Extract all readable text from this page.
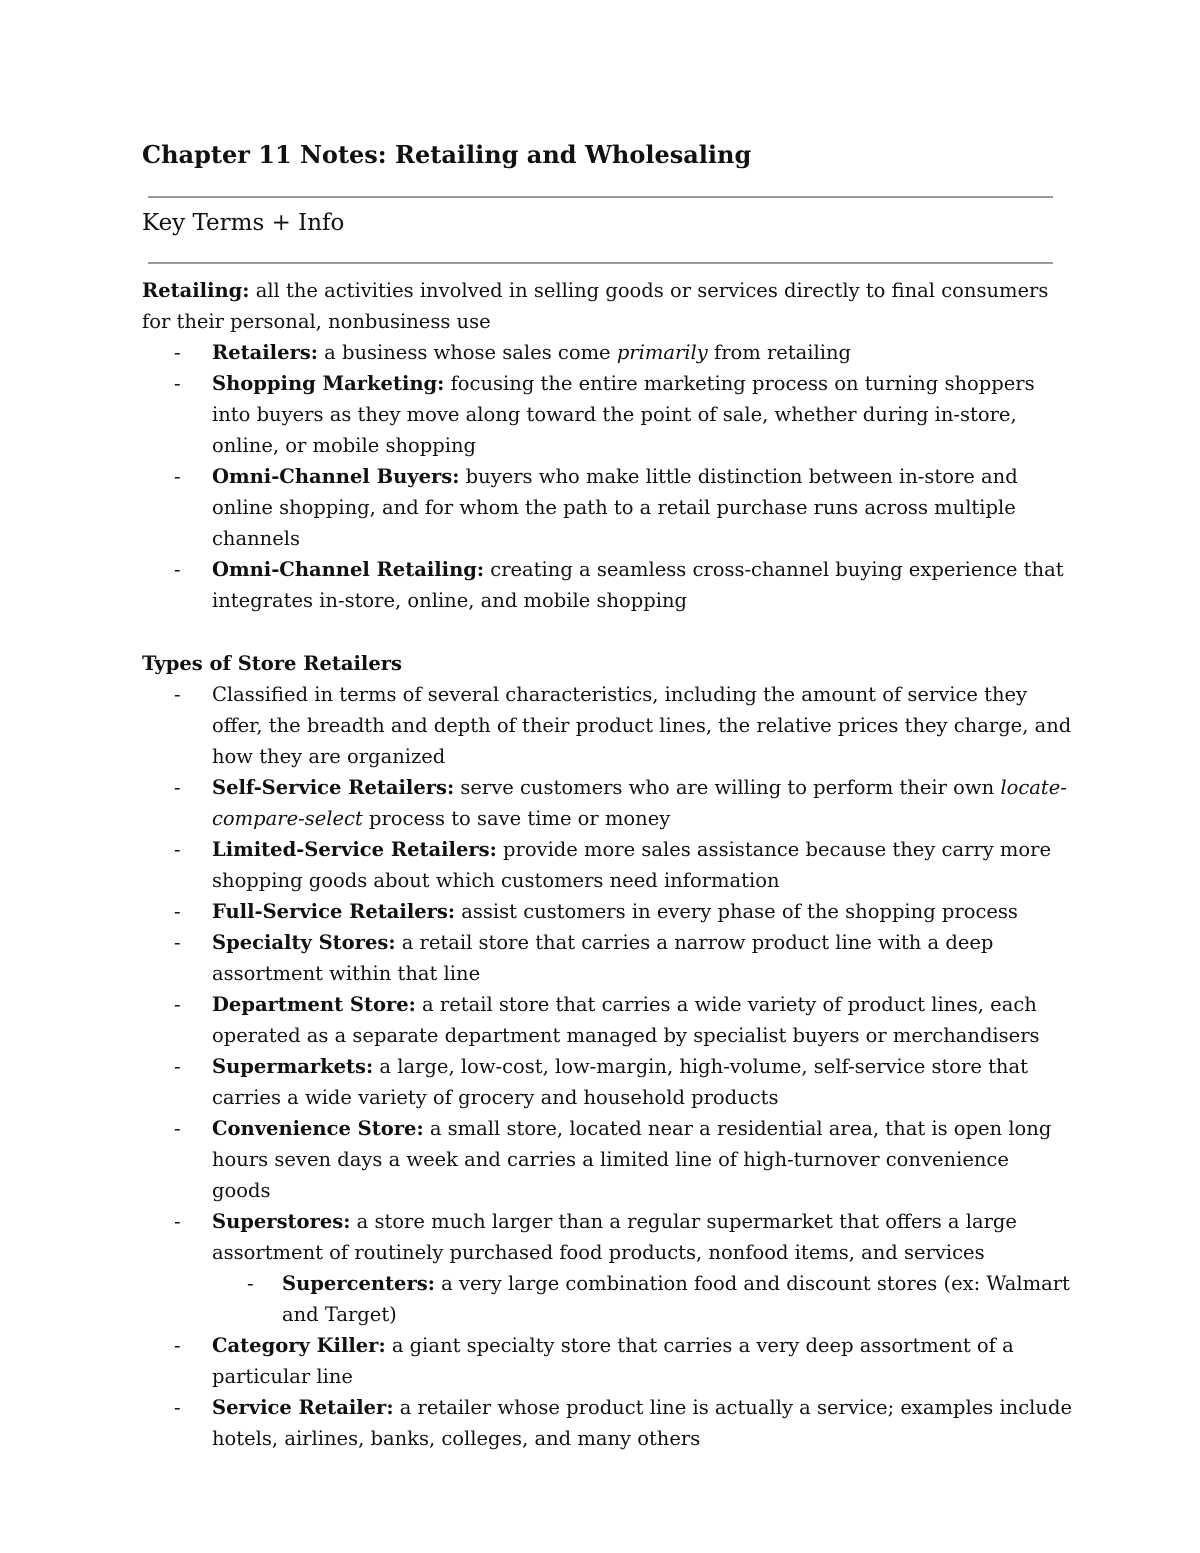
Chapter 11 Notes: Retailing and Wholesaling
Key Terms + Info

Retailing: all the activities involved in selling goods or services directly to final consumers for their personal, nonbusiness use

- Retailers: a business whose sales come primarily from retailing
- Shopping Marketing: focusing the entire marketing process on turning shoppers into buyers as they move along toward the point of sale, whether during in-store, online, or mobile shopping
- Omni-Channel Buyers: buyers who make little distinction between in-store and online shopping, and for whom the path to a retail purchase runs across multiple channels
- Omni-Channel Retailing: creating a seamless cross-channel buying experience that integrates in-store, online, and mobile shopping

Types of Store Retailers

- Classified in terms of several characteristics, including the amount of service they offer, the breadth and depth of their product lines, the relative prices they charge, and how they are organized
- Self-Service Retailers: serve customers who are willing to perform their own locate-compare-select process to save time or money
- Limited-Service Retailers: provide more sales assistance because they carry more shopping goods about which customers need information
- Full-Service Retailers: assist customers in every phase of the shopping process
- Specialty Stores: a retail store that carries a narrow product line with a deep assortment within that line
- Department Store: a retail store that carries a wide variety of product lines, each operated as a separate department managed by specialist buyers or merchandisers
- Supermarkets: a large, low-cost, low-margin, high-volume, self-service store that carries a wide variety of grocery and household products
- Convenience Store: a small store, located near a residential area, that is open long hours seven days a week and carries a limited line of high-turnover convenience goods
- Superstores: a store much larger than a regular supermarket that offers a large assortment of routinely purchased food products, nonfood items, and services
- Supercenters: a very large combination food and discount stores (ex: Walmart and Target)
- Category Killer: a giant specialty store that carries a very deep assortment of a particular line
- Service Retailer: a retailer whose product line is actually a service; examples include hotels, airlines, banks, colleges, and many others
